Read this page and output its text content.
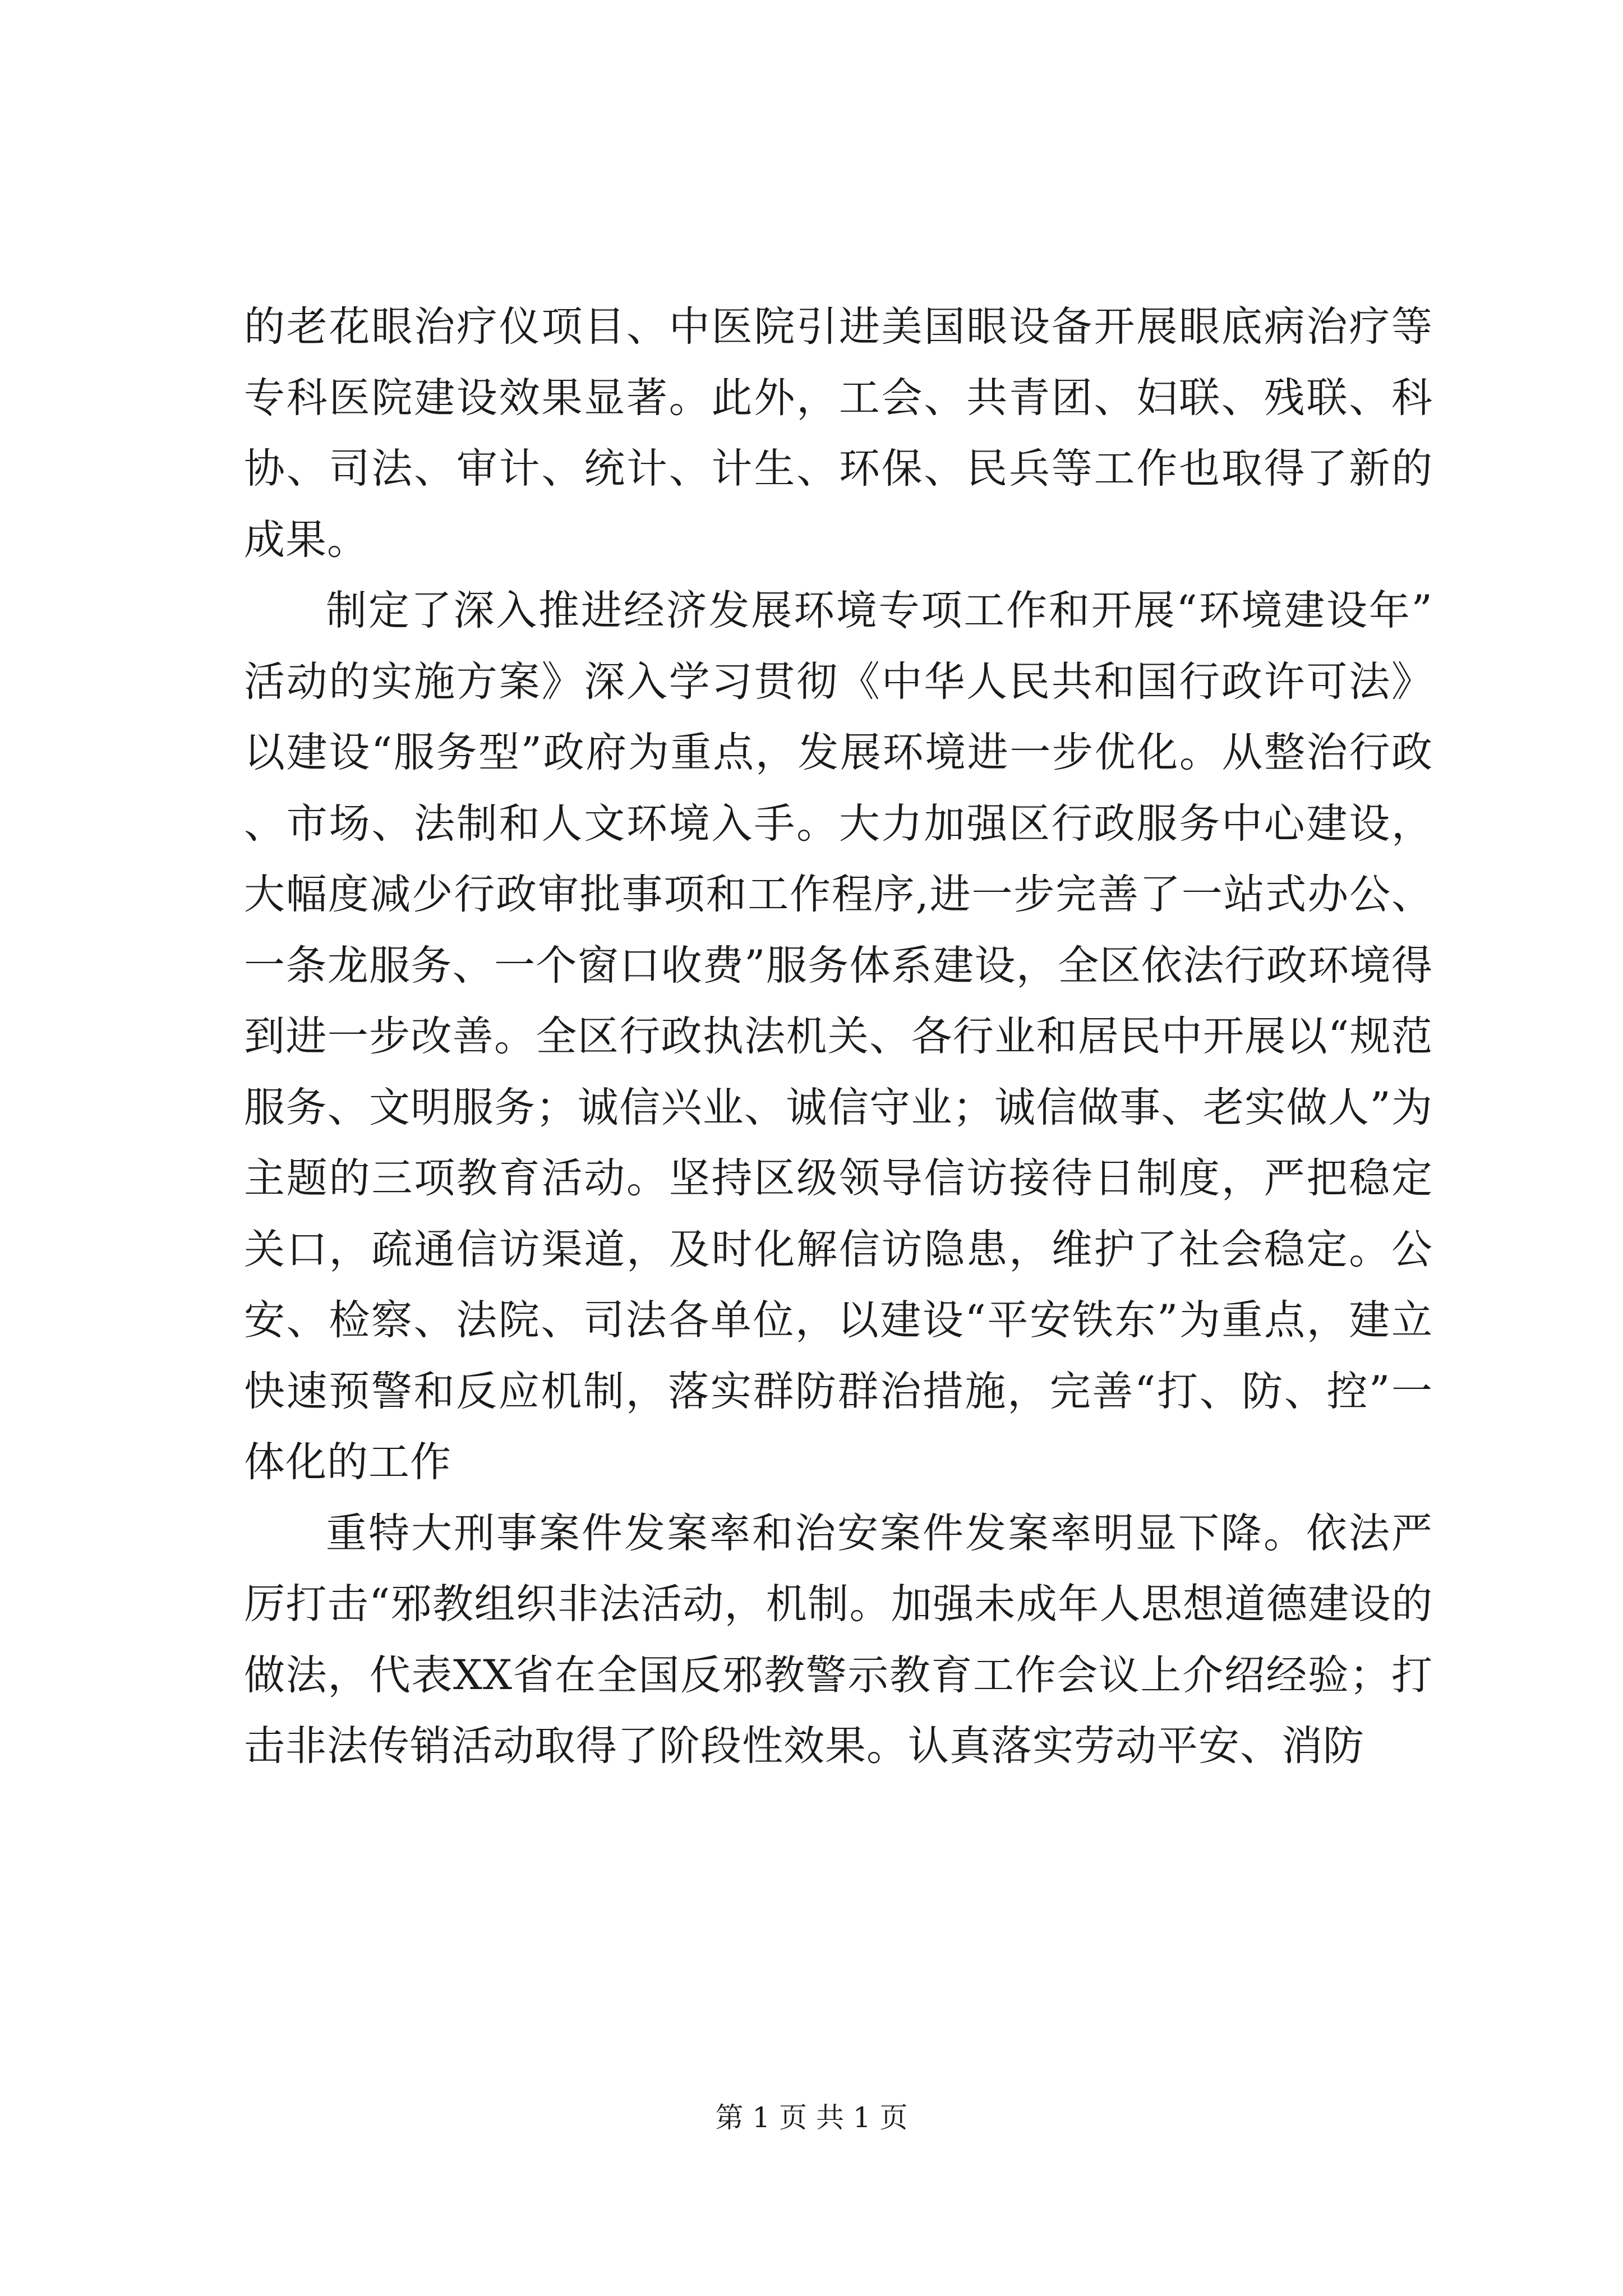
的老花眼治疗仪项目、中医院引进美国眼设备开展眼底病治疗等专科医院建设效果显著。此外，工会、共青团、妇联、残联、科协、司法、审计、统计、计生、环保、民兵等工作也取得了新的成果。

制定了深入推进经济发展环境专项工作和开展“环境建设年”活动的实施方案》深入学习贯彻《中华人民共和国行政许可法》以建设“服务型”政府为重点，发展环境进一步优化。从整治行政、市场、法制和人文环境入手。大力加强区行政服务中心建设，大幅度减少行政审批事项和工作程序,进一步完善了一站式办公、一条龙服务、一个窗口收费”服务体系建设，全区依法行政环境得到进一步改善。全区行政执法机关、各行业和居民中开展以“规范服务、文明服务；诚信兴业、诚信守业；诚信做事、老实做人”为主题的三项教育活动。坚持区级领导信访接待日制度，严把稳定关口，疏通信访渠道，及时化解信访隐患，维护了社会稳定。公安、检察、法院、司法各单位，以建设“平安铁东”为重点，建立快速预警和反应机制，落实群防群治措施，完善“打、防、控”一体化的工作

重特大刑事案件发案率和治安案件发案率明显下降。依法严厉打击“邪教组织非法活动，机制。加强未成年人思想道德建设的做法，代表XX省在全国反邪教警示教育工作会议上介绍经验；打击非法传销活动取得了阶段性效果。认真落实劳动平安、消防

第 1 页 共 1 页
